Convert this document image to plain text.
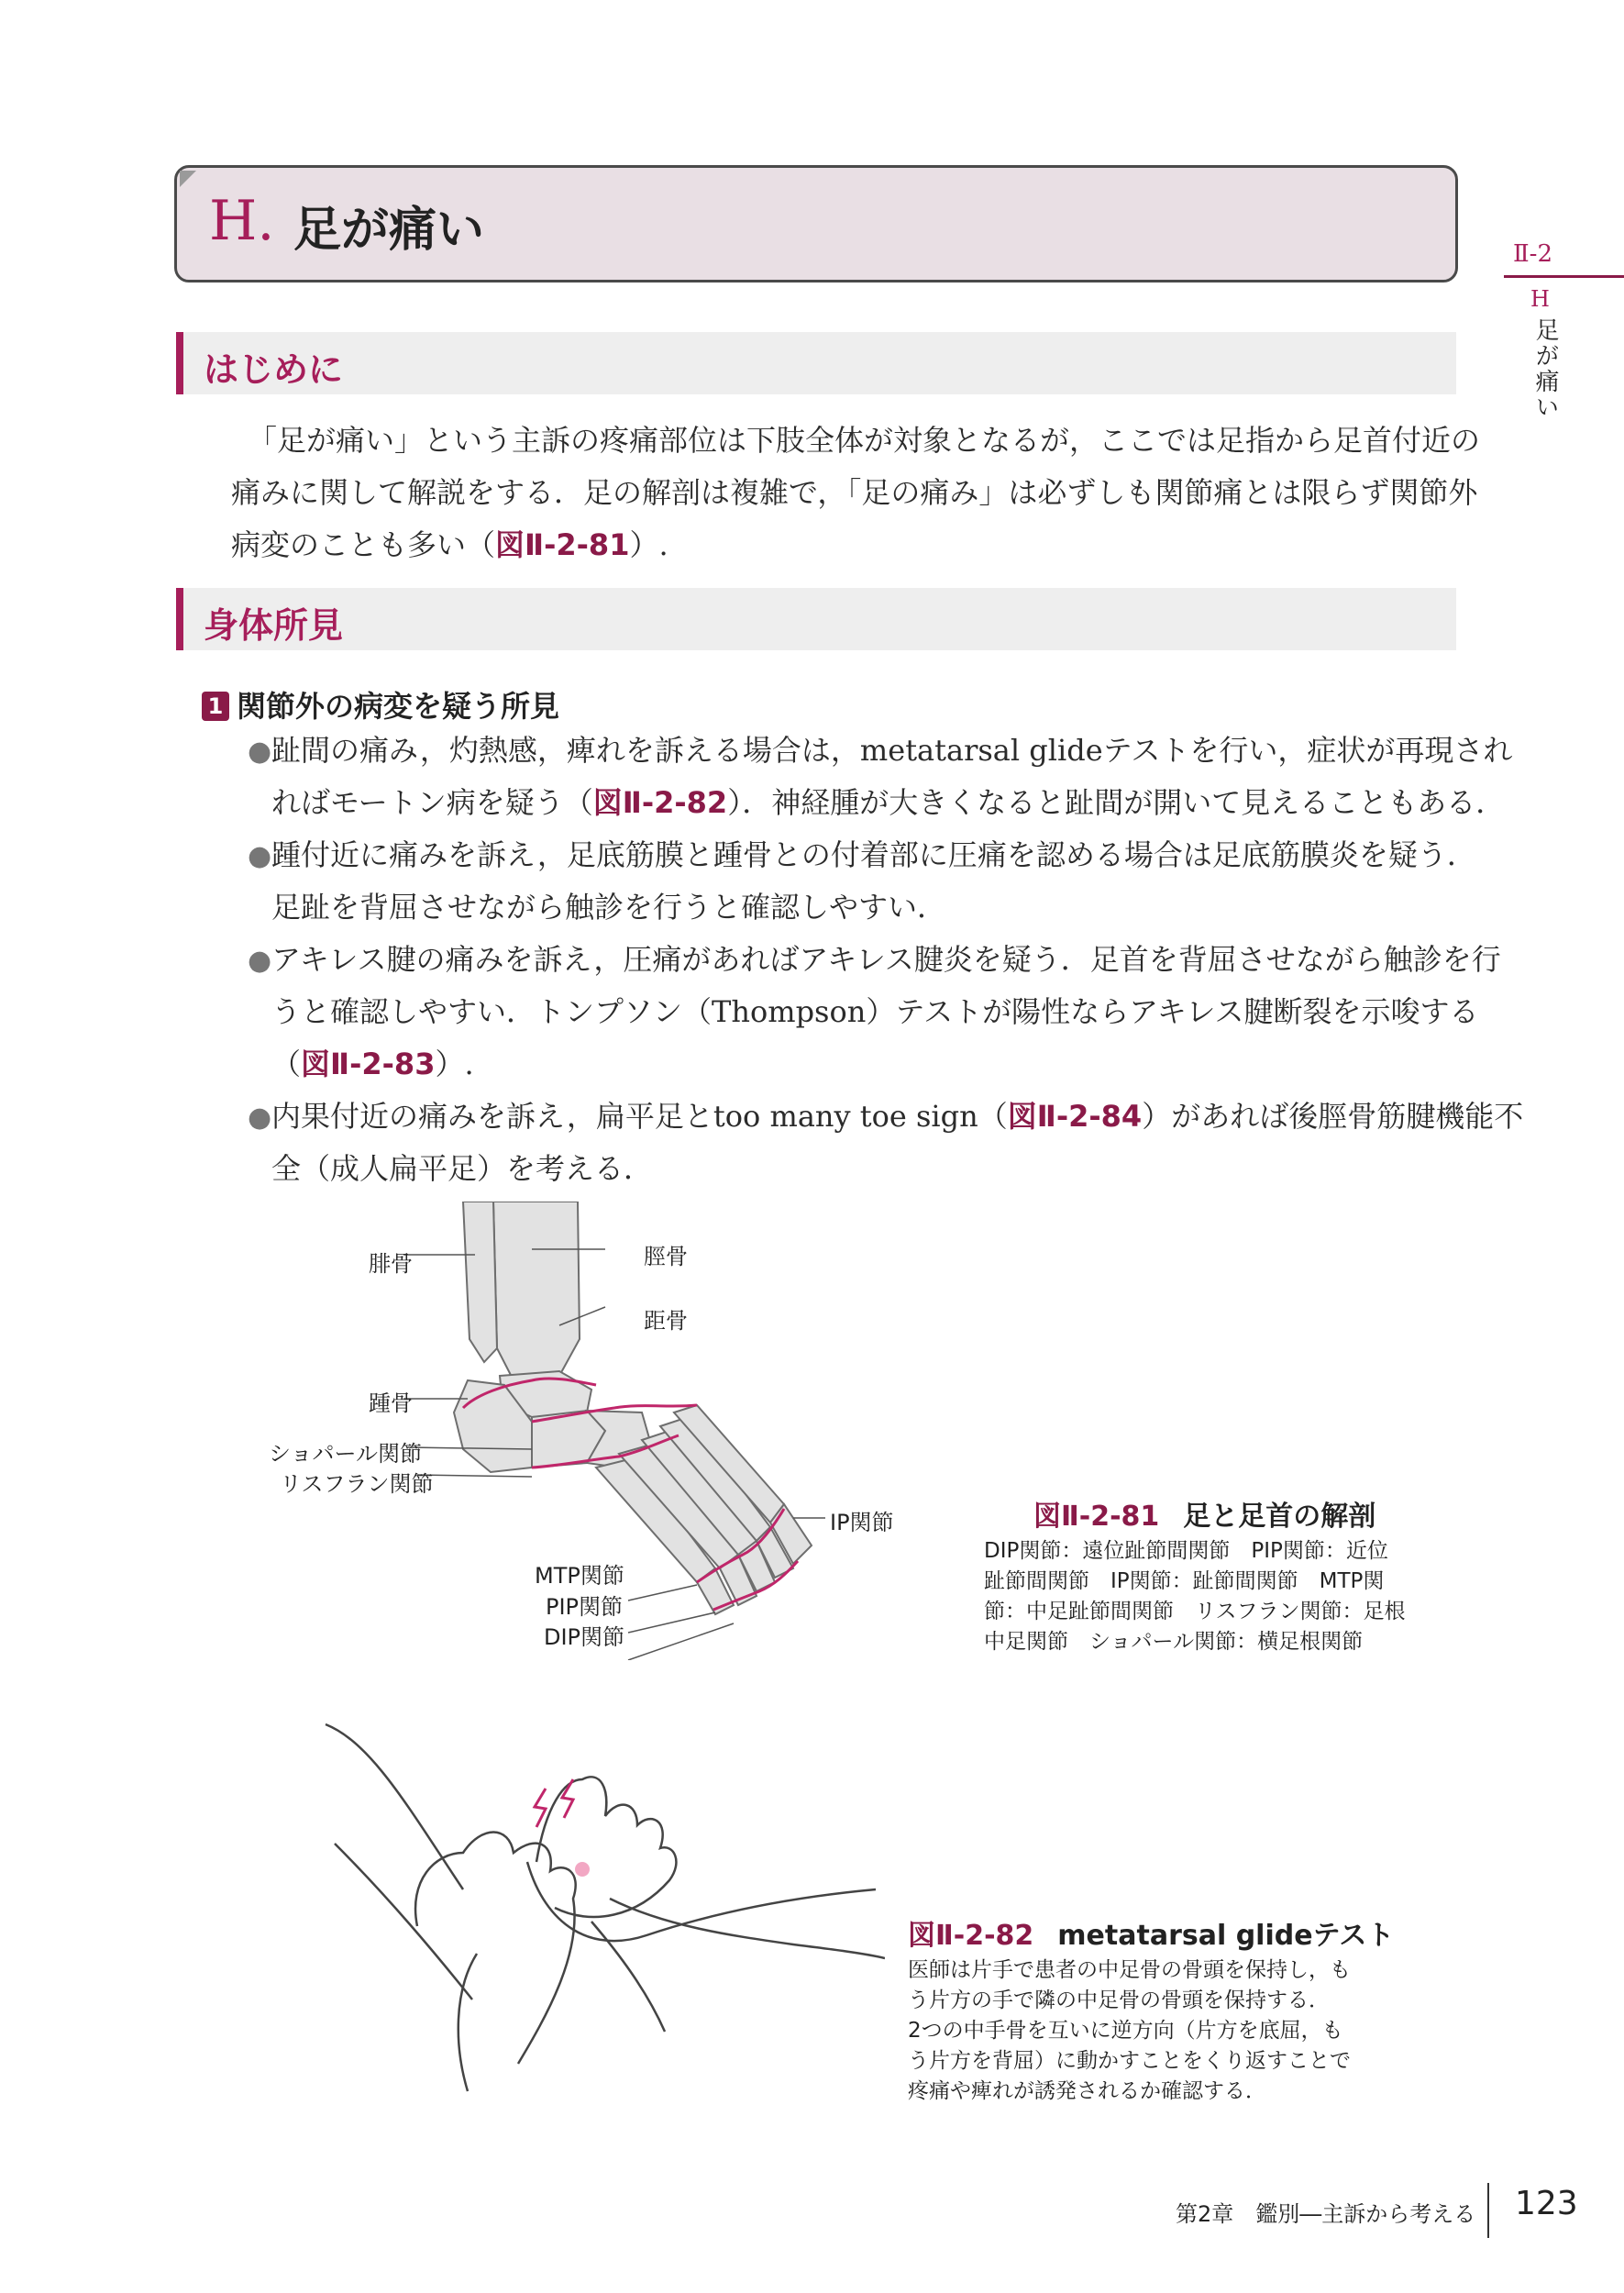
H. 足が痛い	Ⅱ-2
H
足が痛い
はじめに
「足が痛い」という主訴の疼痛部位は下肢全体が対象となるが，ここでは足指から足首付近の
痛みに関して解説をする．足の解剖は複雑で，「足の痛み」は必ずしも関節痛とは限らず関節外
病変のことも多い（図Ⅱ-2-81）.
身体所見
1 関節外の病変を疑う所見
● 趾間の痛み，灼熱感，痺れを訴える場合は，metatarsal glideテストを行い，症状が再現され
ればモートン病を疑う（図Ⅱ-2-82）．神経腫が大きくなると趾間が開いて見えることもある．
● 踵付近に痛みを訴え，足底筋膜と踵骨との付着部に圧痛を認める場合は足底筋膜炎を疑う．
足趾を背屈させながら触診を行うと確認しやすい．
● アキレス腱の痛みを訴え，圧痛があればアキレス腱炎を疑う．足首を背屈させながら触診を行
うと確認しやすい．トンプソン（Thompson）テストが陽性ならアキレス腱断裂を示唆する
（図Ⅱ-2-83）.
● 内果付近の痛みを訴え，扁平足とtoo many toe sign（図Ⅱ-2-84）があれば後脛骨筋腱機能不
全（成人扁平足）を考える．
腓骨	脛骨
距骨
踵骨
ショパール関節
リスフラン関節
IP関節
MTP関節
PIP関節
DIP関節
図Ⅱ-2-81 足と足首の解剖
DIP関節：遠位趾節間関節　PIP関節：近位
趾節間関節　IP関節：趾節間関節　MTP関
節：中足趾節間関節　リスフラン関節：足根
中足関節　ショパール関節：横足根関節
図Ⅱ-2-82 metatarsal glideテスト
医師は片手で患者の中足骨の骨頭を保持し，も
う片方の手で隣の中足骨の骨頭を保持する．
2つの中手骨を互いに逆方向（片方を底屈，も
う片方を背屈）に動かすことをくり返すことで
疼痛や痺れが誘発されるか確認する．
第2章　鑑別―主訴から考える 123
